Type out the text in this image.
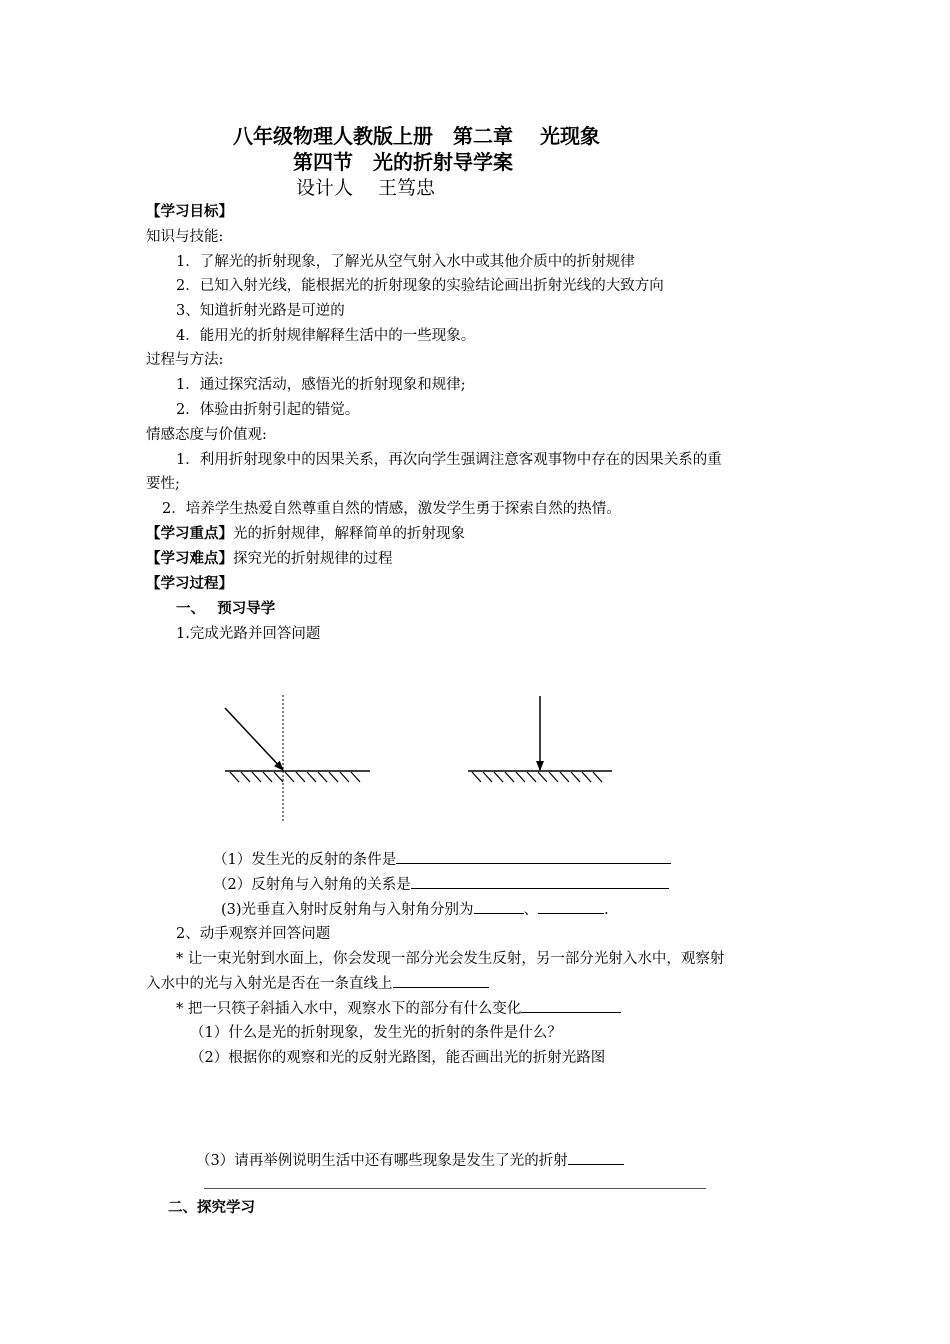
八年级物理人教版上册　第二章　 光现象
第四节　光的折射导学案
设计人　 王笃忠
【学习目标】
知识与技能:
1．了解光的折射现象，了解光从空气射入水中或其他介质中的折射规律
2．已知入射光线，能根据光的折射现象的实验结论画出折射光线的大致方向
3、知道折射光路是可逆的
4．能用光的折射规律解释生活中的一些现象。
过程与方法:
1．通过探究活动，感悟光的折射现象和规律;
2．体验由折射引起的错觉。
情感态度与价值观:
1．利用折射现象中的因果关系，再次向学生强调注意客观事物中存在的因果关系的重
要性;
2．培养学生热爱自然尊重自然的情感，激发学生勇于探索自然的热情。
【学习重点】光的折射规律，解释简单的折射现象
【学习难点】探究光的折射规律的过程
【学习过程】
一、　 预习导学
1.完成光路并回答问题
（1）发生光的反射的条件是
（2）反射角与入射角的关系是
(3)光垂直入射时反射角与入射角分别为	、	.
2、动手观察并回答问题
* 让一束光射到水面上，你会发现一部分光会发生反射，另一部分光射入水中，观察射
入水中的光与入射光是否在一条直线上
* 把一只筷子斜插入水中，观察水下的部分有什么变化
（1）什么是光的折射现象，发生光的折射的条件是什么？
（2）根据你的观察和光的反射光路图，能否画出光的折射光路图
（3）请再举例说明生活中还有哪些现象是发生了光的折射
二、探究学习
